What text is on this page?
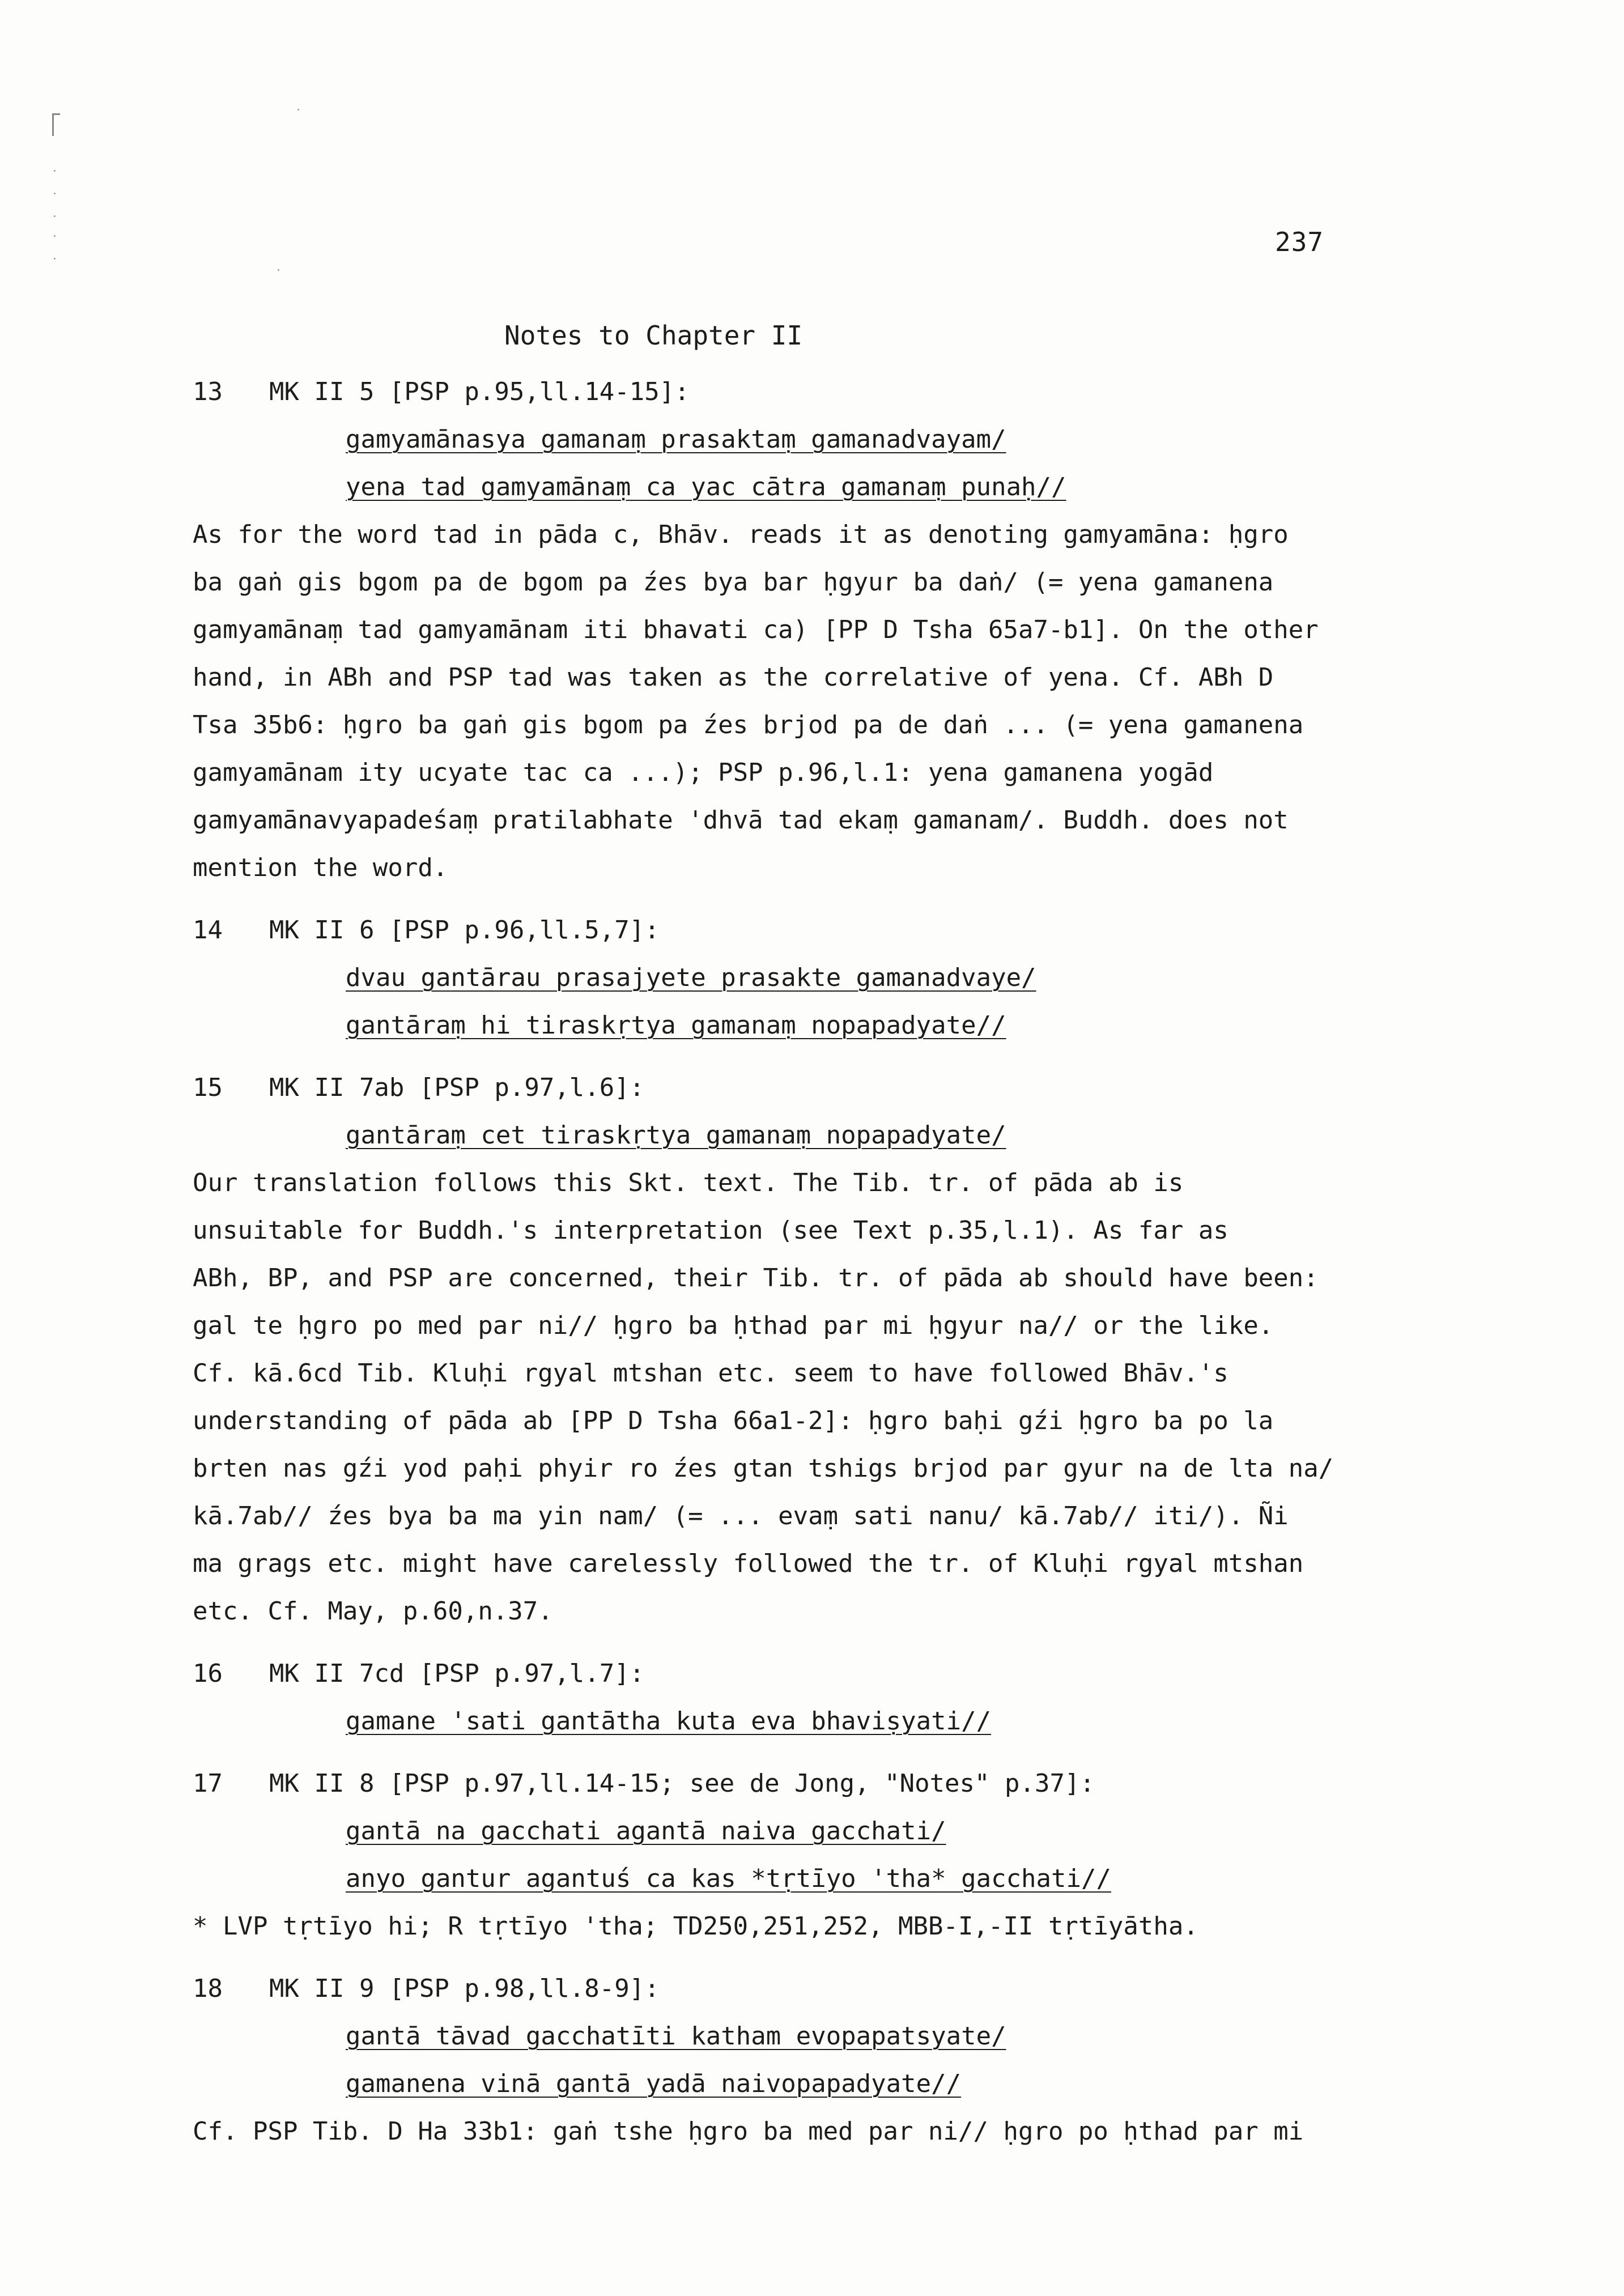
237
Notes to Chapter II
13	MK II 5 [PSP p.95,ll.14-15]:
gamyamānasya gamanaṃ prasaktaṃ gamanadvayam/
yena tad gamyamānaṃ ca yac cātra gamanaṃ punaḥ//
As for the word tad in pāda c, Bhāv. reads it as denoting gamyamāna: ḥgro
ba gaṅ gis bgom pa de bgom pa źes bya bar ḥgyur ba daṅ/ (= yena gamanena
gamyamānaṃ tad gamyamānam iti bhavati ca) [PP D Tsha 65a7-b1]. On the other
hand, in ABh and PSP tad was taken as the correlative of yena. Cf. ABh D
Tsa 35b6: ḥgro ba gaṅ gis bgom pa źes brjod pa de daṅ ... (= yena gamanena
gamyamānam ity ucyate tac ca ...); PSP p.96,l.1: yena gamanena yogād
gamyamānavyapadeśaṃ pratilabhate 'dhvā tad ekaṃ gamanam/. Buddh. does not
mention the word.
14	MK II 6 [PSP p.96,ll.5,7]:
dvau gantārau prasajyete prasakte gamanadvaye/
gantāraṃ hi tiraskṛtya gamanaṃ nopapadyate//
15	MK II 7ab [PSP p.97,l.6]:
gantāraṃ cet tiraskṛtya gamanaṃ nopapadyate/
Our translation follows this Skt. text. The Tib. tr. of pāda ab is
unsuitable for Buddh.'s interpretation (see Text p.35,l.1). As far as
ABh, BP, and PSP are concerned, their Tib. tr. of pāda ab should have been:
gal te ḥgro po med par ni// ḥgro ba ḥthad par mi ḥgyur na// or the like.
Cf. kā.6cd Tib. Kluḥi rgyal mtshan etc. seem to have followed Bhāv.'s
understanding of pāda ab [PP D Tsha 66a1-2]: ḥgro baḥi gźi ḥgro ba po la
brten nas gźi yod paḥi phyir ro źes gtan tshigs brjod par gyur na de lta na/
kā.7ab// źes bya ba ma yin nam/ (= ... evaṃ sati nanu/ kā.7ab// iti/). Ñi
ma grags etc. might have carelessly followed the tr. of Kluḥi rgyal mtshan
etc. Cf. May, p.60,n.37.
16	MK II 7cd [PSP p.97,l.7]:
gamane 'sati gantātha kuta eva bhaviṣyati//
17	MK II 8 [PSP p.97,ll.14-15; see de Jong, "Notes" p.37]:
gantā na gacchati agantā naiva gacchati/
anyo gantur agantuś ca kas *tṛtīyo 'tha* gacchati//
* LVP tṛtīyo hi; R tṛtīyo 'tha; TD250,251,252, MBB-I,-II tṛtīyātha.
18	MK II 9 [PSP p.98,ll.8-9]:
gantā tāvad gacchatīti katham evopapatsyate/
gamanena vinā gantā yadā naivopapadyate//
Cf. PSP Tib. D Ha 33b1: gaṅ tshe ḥgro ba med par ni// ḥgro po ḥthad par mi
